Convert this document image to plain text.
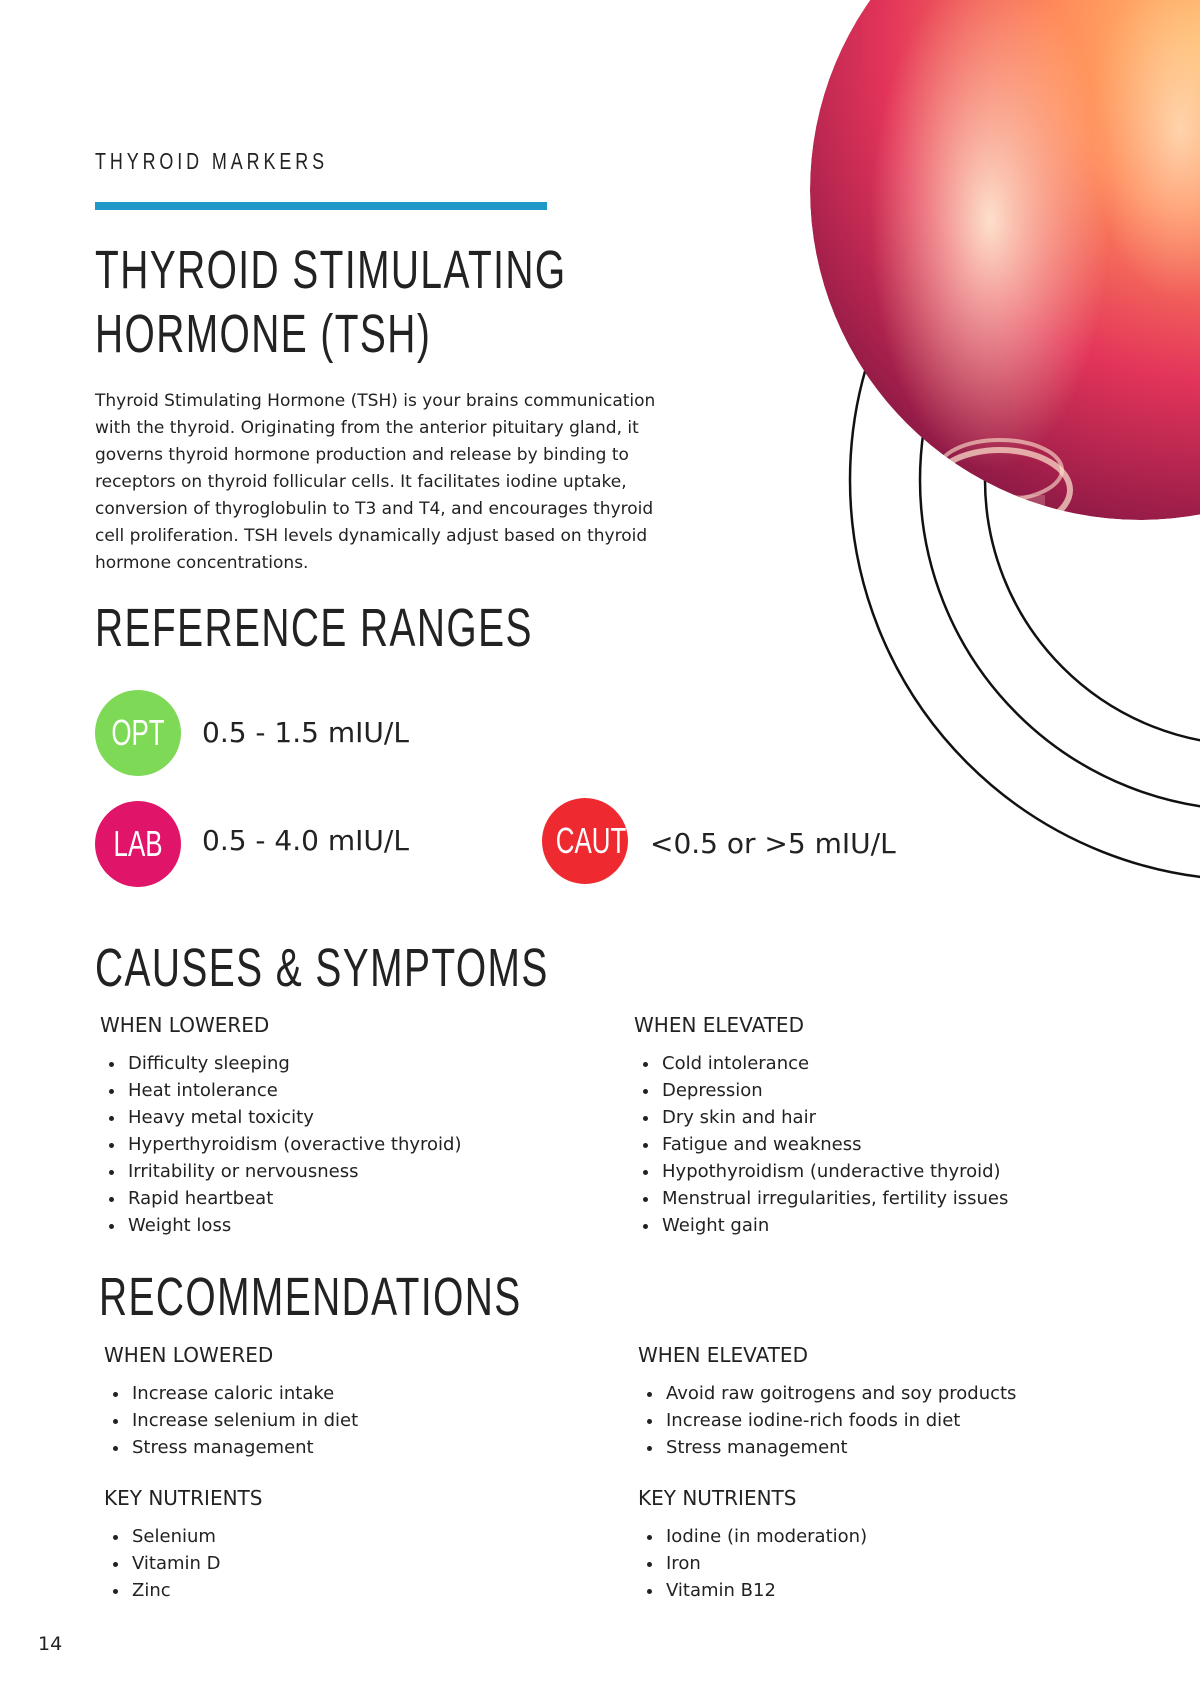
THYROID MARKERS
THYROID STIMULATING
HORMONE (TSH)
Thyroid Stimulating Hormone (TSH) is your brains communication with the thyroid. Originating from the anterior pituitary gland, it governs thyroid hormone production and release by binding to receptors on thyroid follicular cells. It facilitates iodine uptake, conversion of thyroglobulin to T3 and T4, and encourages thyroid cell proliferation. TSH levels dynamically adjust based on thyroid hormone concentrations.
REFERENCE RANGES
OPT	0.5 - 1.5 mIU/L
LAB	0.5 - 4.0 mIU/L	CAUT <0.5 or >5 mIU/L
CAUSES & SYMPTOMS
WHEN LOWERED
• Difficulty sleeping
• Heat intolerance
• Heavy metal toxicity
• Hyperthyroidism (overactive thyroid)
• Irritability or nervousness
• Rapid heartbeat
• Weight loss
WHEN ELEVATED
• Cold intolerance
• Depression
• Dry skin and hair
• Fatigue and weakness
• Hypothyroidism (underactive thyroid)
• Menstrual irregularities, fertility issues
• Weight gain
RECOMMENDATIONS
WHEN LOWERED
• Increase caloric intake
• Increase selenium in diet
• Stress management
WHEN ELEVATED
• Avoid raw goitrogens and soy products
• Increase iodine-rich foods in diet
• Stress management
KEY NUTRIENTS
• Selenium
• Vitamin D
• Zinc
KEY NUTRIENTS
• Iodine (in moderation)
• Iron
• Vitamin B12
14
